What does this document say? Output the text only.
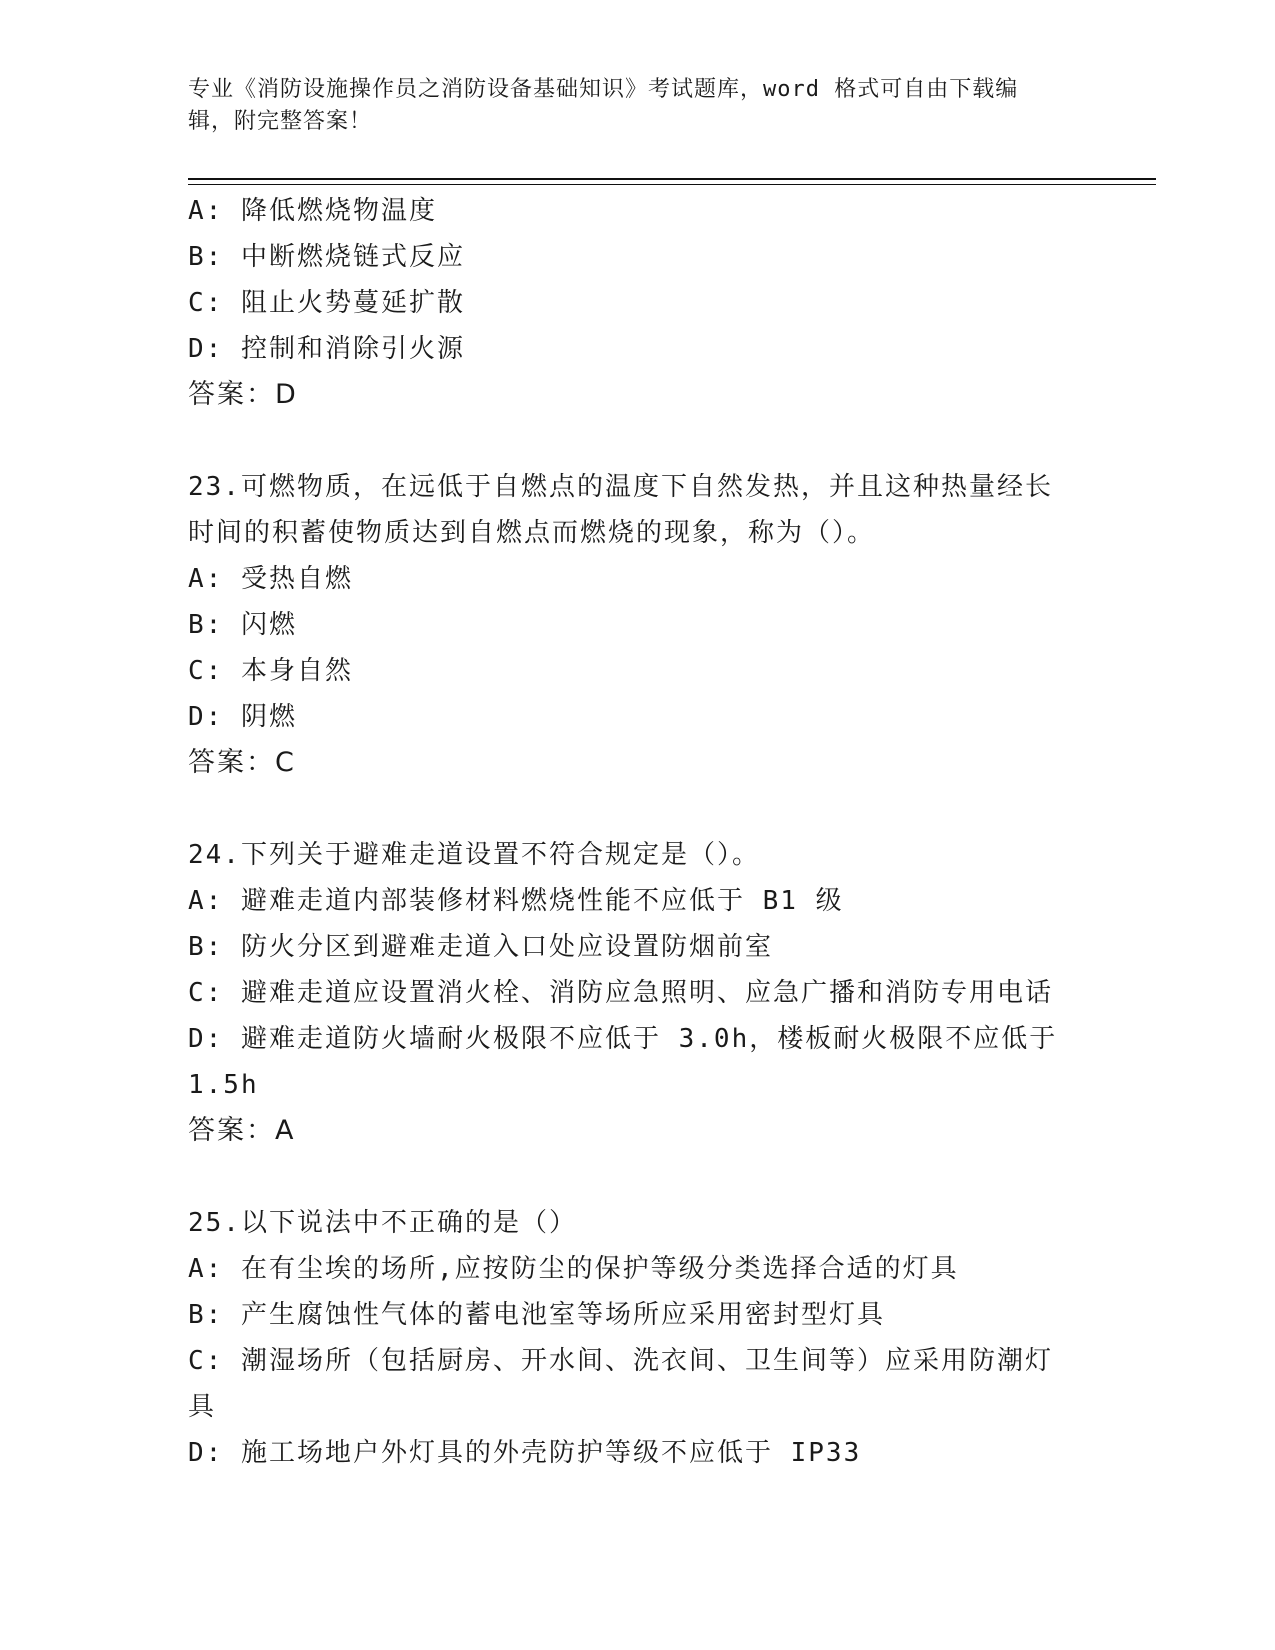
专业《消防设施操作员之消防设备基础知识》考试题库，word 格式可自由下载编
辑，附完整答案！
A: 降低燃烧物温度
B: 中断燃烧链式反应
C: 阻止火势蔓延扩散
D: 控制和消除引火源
答案：D
23.可燃物质，在远低于自燃点的温度下自然发热，并且这种热量经长
时间的积蓄使物质达到自燃点而燃烧的现象，称为（）。
A: 受热自燃
B: 闪燃
C: 本身自然
D: 阴燃
答案：C
24.下列关于避难走道设置不符合规定是（）。
A: 避难走道内部装修材料燃烧性能不应低于 B1 级
B: 防火分区到避难走道入口处应设置防烟前室
C: 避难走道应设置消火栓、消防应急照明、应急广播和消防专用电话
D: 避难走道防火墙耐火极限不应低于 3.0h，楼板耐火极限不应低于
1.5h
答案：A
25.以下说法中不正确的是（）
A: 在有尘埃的场所,应按防尘的保护等级分类选择合适的灯具
B: 产生腐蚀性气体的蓄电池室等场所应采用密封型灯具
C: 潮湿场所（包括厨房、开水间、洗衣间、卫生间等）应采用防潮灯
具
D: 施工场地户外灯具的外壳防护等级不应低于 IP33
